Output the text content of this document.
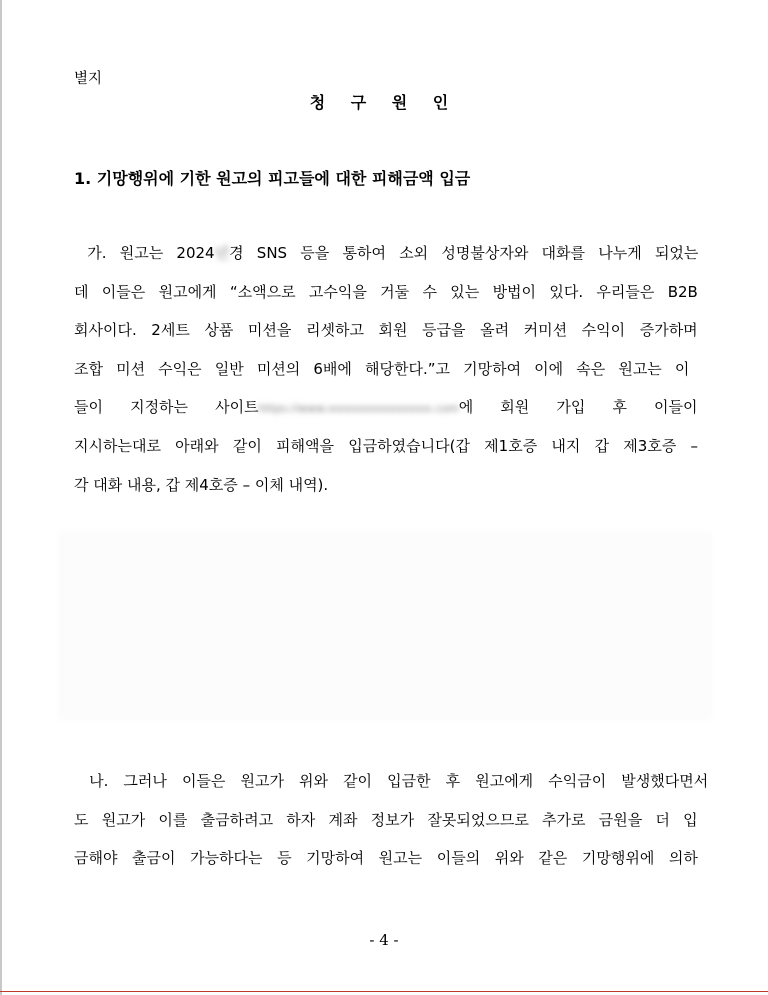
별지
청 구 원 인
1. 기망행위에 기한 원고의 피고들에 대한 피해금액 입금
가. 원고는 2024년경 SNS 등을 통하여 소외 성명불상자와 대화를 나누게 되었는
데 이들은 원고에게 “소액으로 고수익을 거둘 수 있는 방법이 있다. 우리들은 B2B
회사이다. 2세트 상품 미션을 리셋하고 회원 등급을 올려 커미션 수익이 증가하며
조합 미션 수익은 일반 미션의 6배에 해당한다.”고 기망하여 이에 속은 원고는 이
들이 지정하는 사이트https://www.xxxxxxxxxxxxxxxx.com에 회원 가입 후 이들이
지시하는대로 아래와 같이 피해액을 입금하였습니다(갑 제1호증 내지 갑 제3호증 –
각 대화 내용, 갑 제4호증 – 이체 내역).
나. 그러나 이들은 원고가 위와 같이 입금한 후 원고에게 수익금이 발생했다면서
도 원고가 이를 출금하려고 하자 계좌 정보가 잘못되었으므로 추가로 금원을 더 입
금해야 출금이 가능하다는 등 기망하여 원고는 이들의 위와 같은 기망행위에 의하
- 4 -
